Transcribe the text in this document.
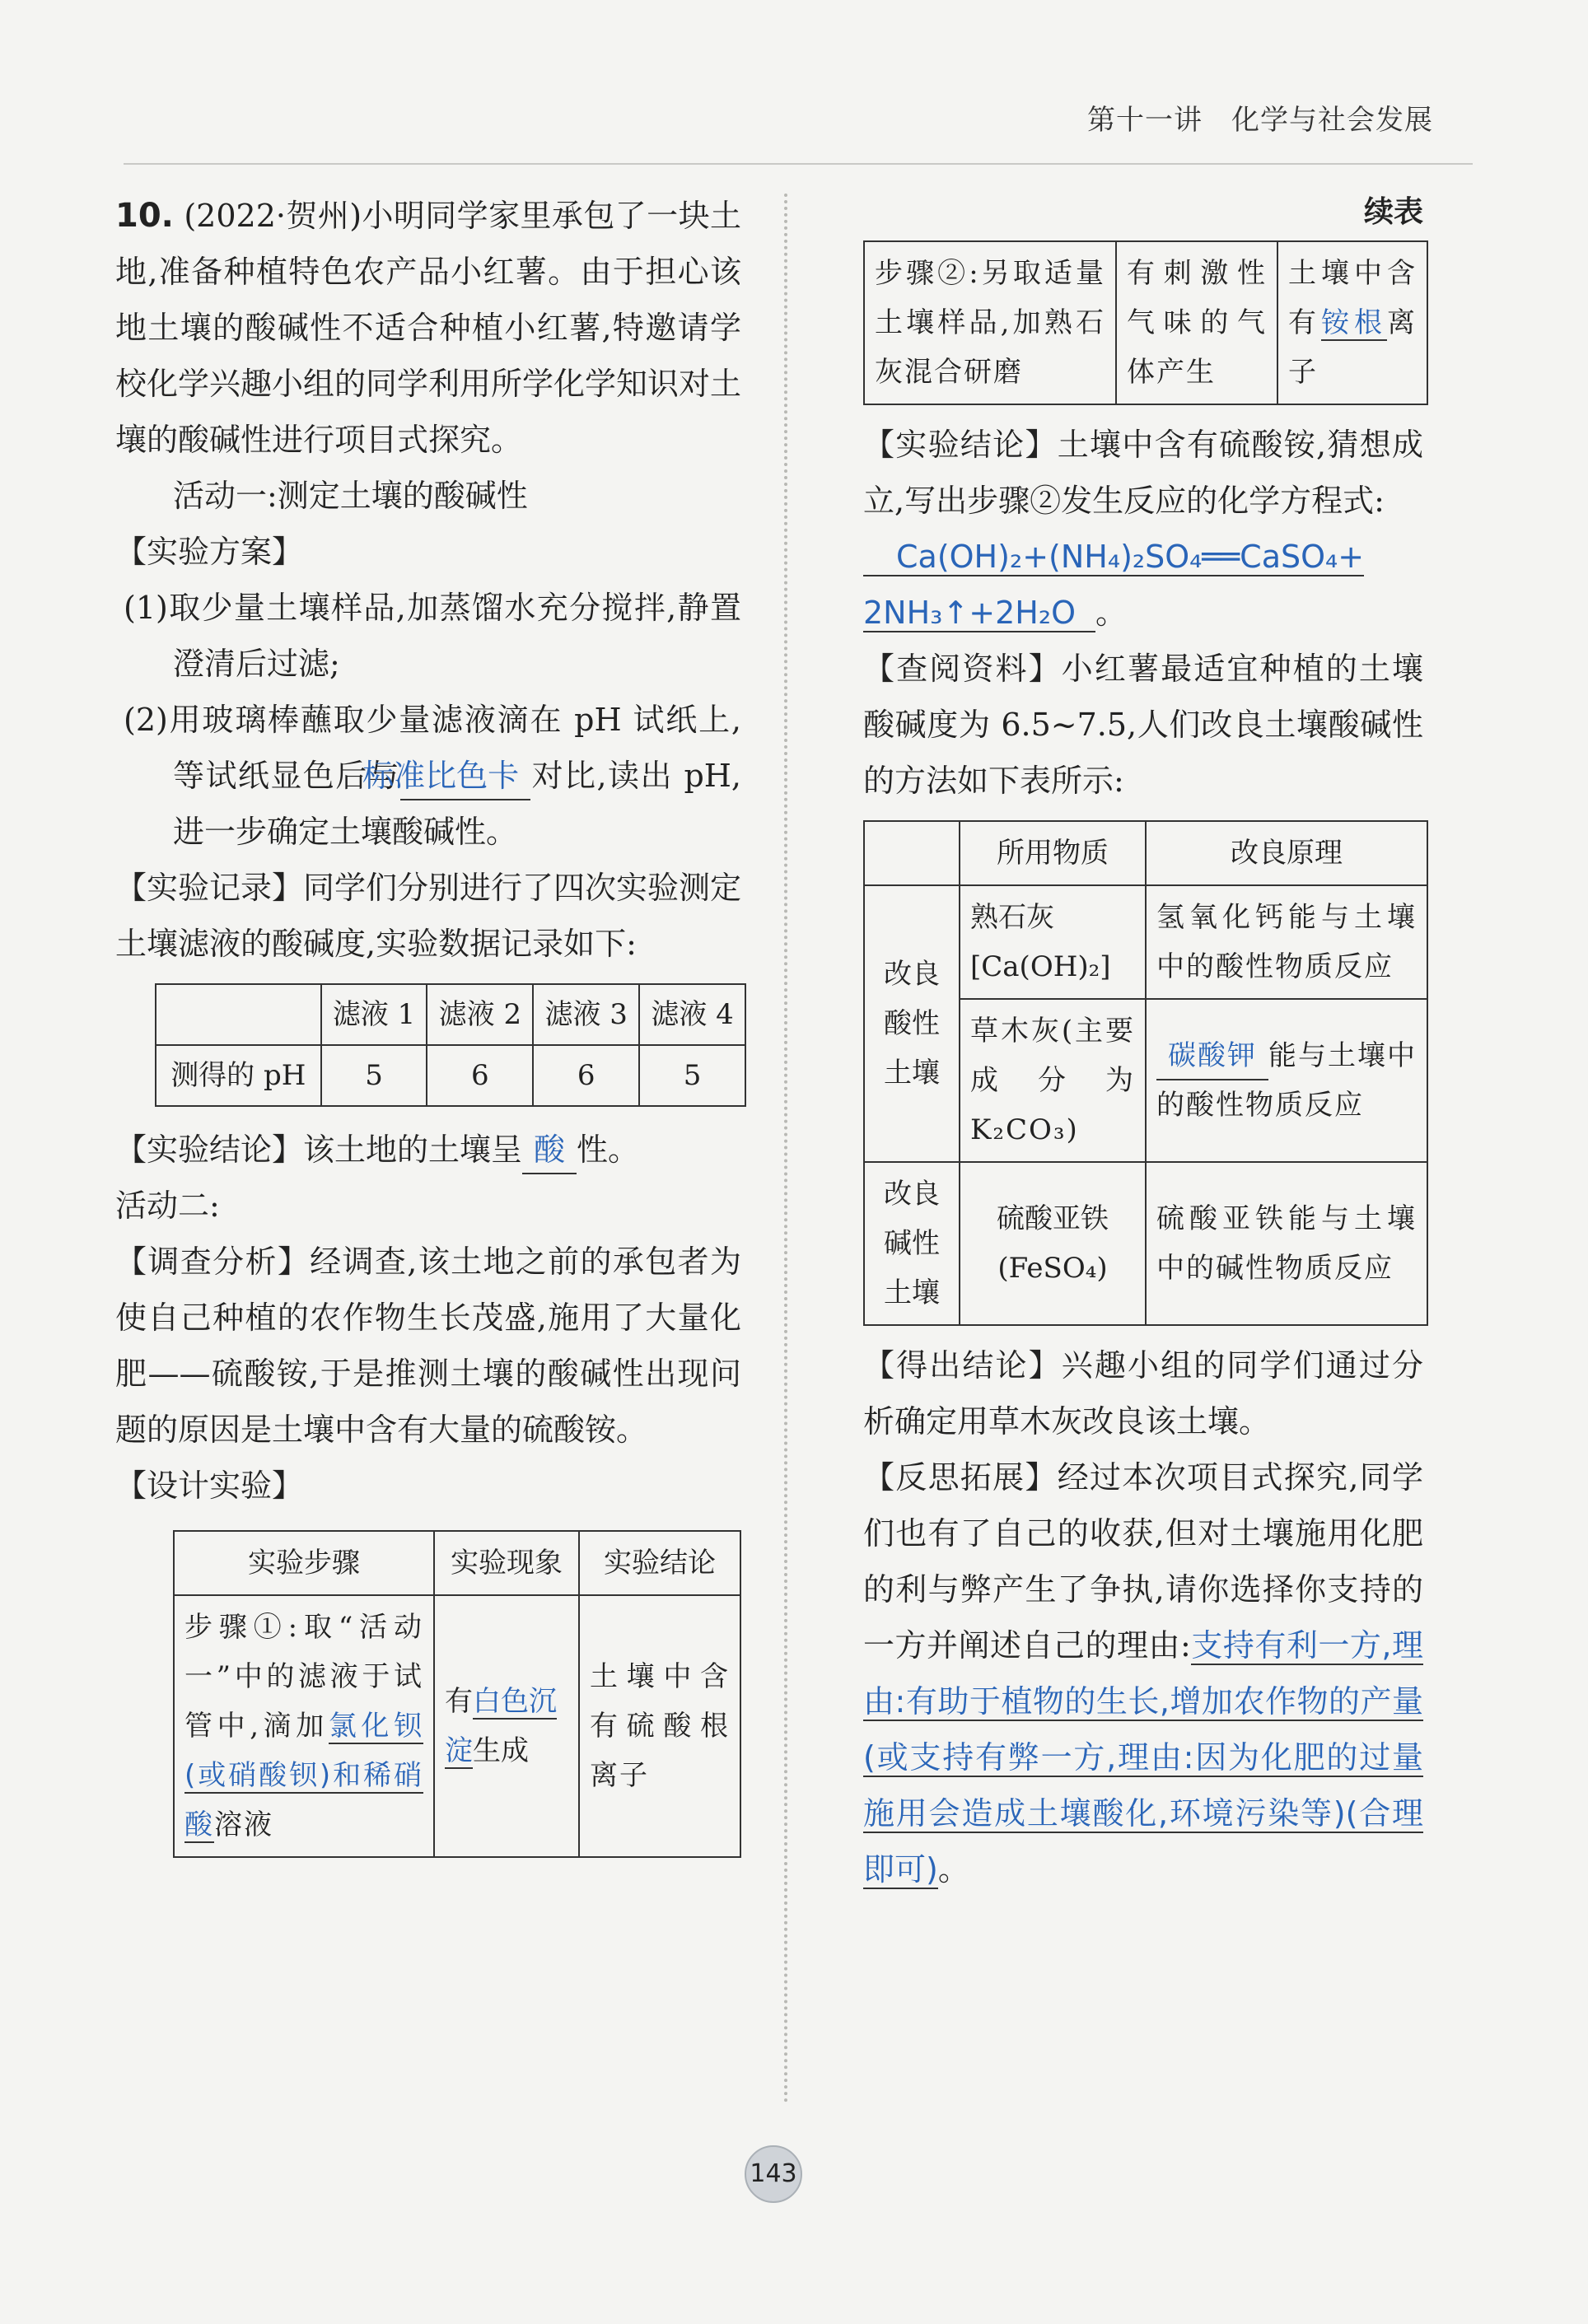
第十一讲　化学与社会发展

10. (2022·贺州)小明同学家里承包了一块土地,准备种植特色农产品小红薯。由于担心该地土壤的酸碱性不适合种植小红薯,特邀请学校化学兴趣小组的同学利用所学化学知识对土壤的酸碱性进行项目式探究。

活动一:测定土壤的酸碱性

【实验方案】

(1)取少量土壤样品,加蒸馏水充分搅拌,静置澄清后过滤;

(2)用玻璃棒蘸取少量滤液滴在 pH 试纸上,等试纸显色后与标准比色卡 对比,读出 pH,进一步确定土壤酸碱性。

【实验记录】同学们分别进行了四次实验测定土壤滤液的酸碱度,实验数据记录如下:

	滤液 1	滤液 2	滤液 3	滤液 4
测得的 pH	5	6	6	5

【实验结论】该土地的土壤呈 酸 性。

活动二:

【调查分析】经调查,该土地之前的承包者为使自己种植的农作物生长茂盛,施用了大量化肥——硫酸铵,于是推测土壤的酸碱性出现问题的原因是土壤中含有大量的硫酸铵。

【设计实验】

实验步骤	实验现象	实验结论
步骤①:取“活动一”中的滤液于试管中,滴加氯化钡(或硝酸钡)和稀硝酸溶液	有白色沉淀生成	土壤中含有硫酸根离子
续表
步骤②:另取适量土壤样品,加熟石灰混合研磨	有刺激性气味的气体产生	土壤中含有铵根离子

【实验结论】土壤中含有硫酸铵,猜想成立,写出步骤②发生反应的化学方程式:

Ca(OH)₂+(NH₄)₂SO₄══CaSO₄+

2NH₃↑+2H₂O 。

【查阅资料】小红薯最适宜种植的土壤酸碱度为 6.5~7.5,人们改良土壤酸碱性的方法如下表所示:

	所用物质	改良原理
改良酸性土壤	熟石灰[Ca(OH)₂]	氢氧化钙能与土壤中的酸性物质反应
	草木灰(主要成分为 K₂CO₃)	碳酸钾 能与土壤中的酸性物质反应
改良碱性土壤	硫酸亚铁(FeSO₄)	硫酸亚铁能与土壤中的碱性物质反应

【得出结论】兴趣小组的同学们通过分析确定用草木灰改良该土壤。

【反思拓展】经过本次项目式探究,同学们也有了自己的收获,但对土壤施用化肥的利与弊产生了争执,请你选择你支持的一方并阐述自己的理由:支持有利一方,理由:有助于植物的生长,增加农作物的产量(或支持有弊一方,理由:因为化肥的过量施用会造成土壤酸化,环境污染等)(合理即可)。

143
